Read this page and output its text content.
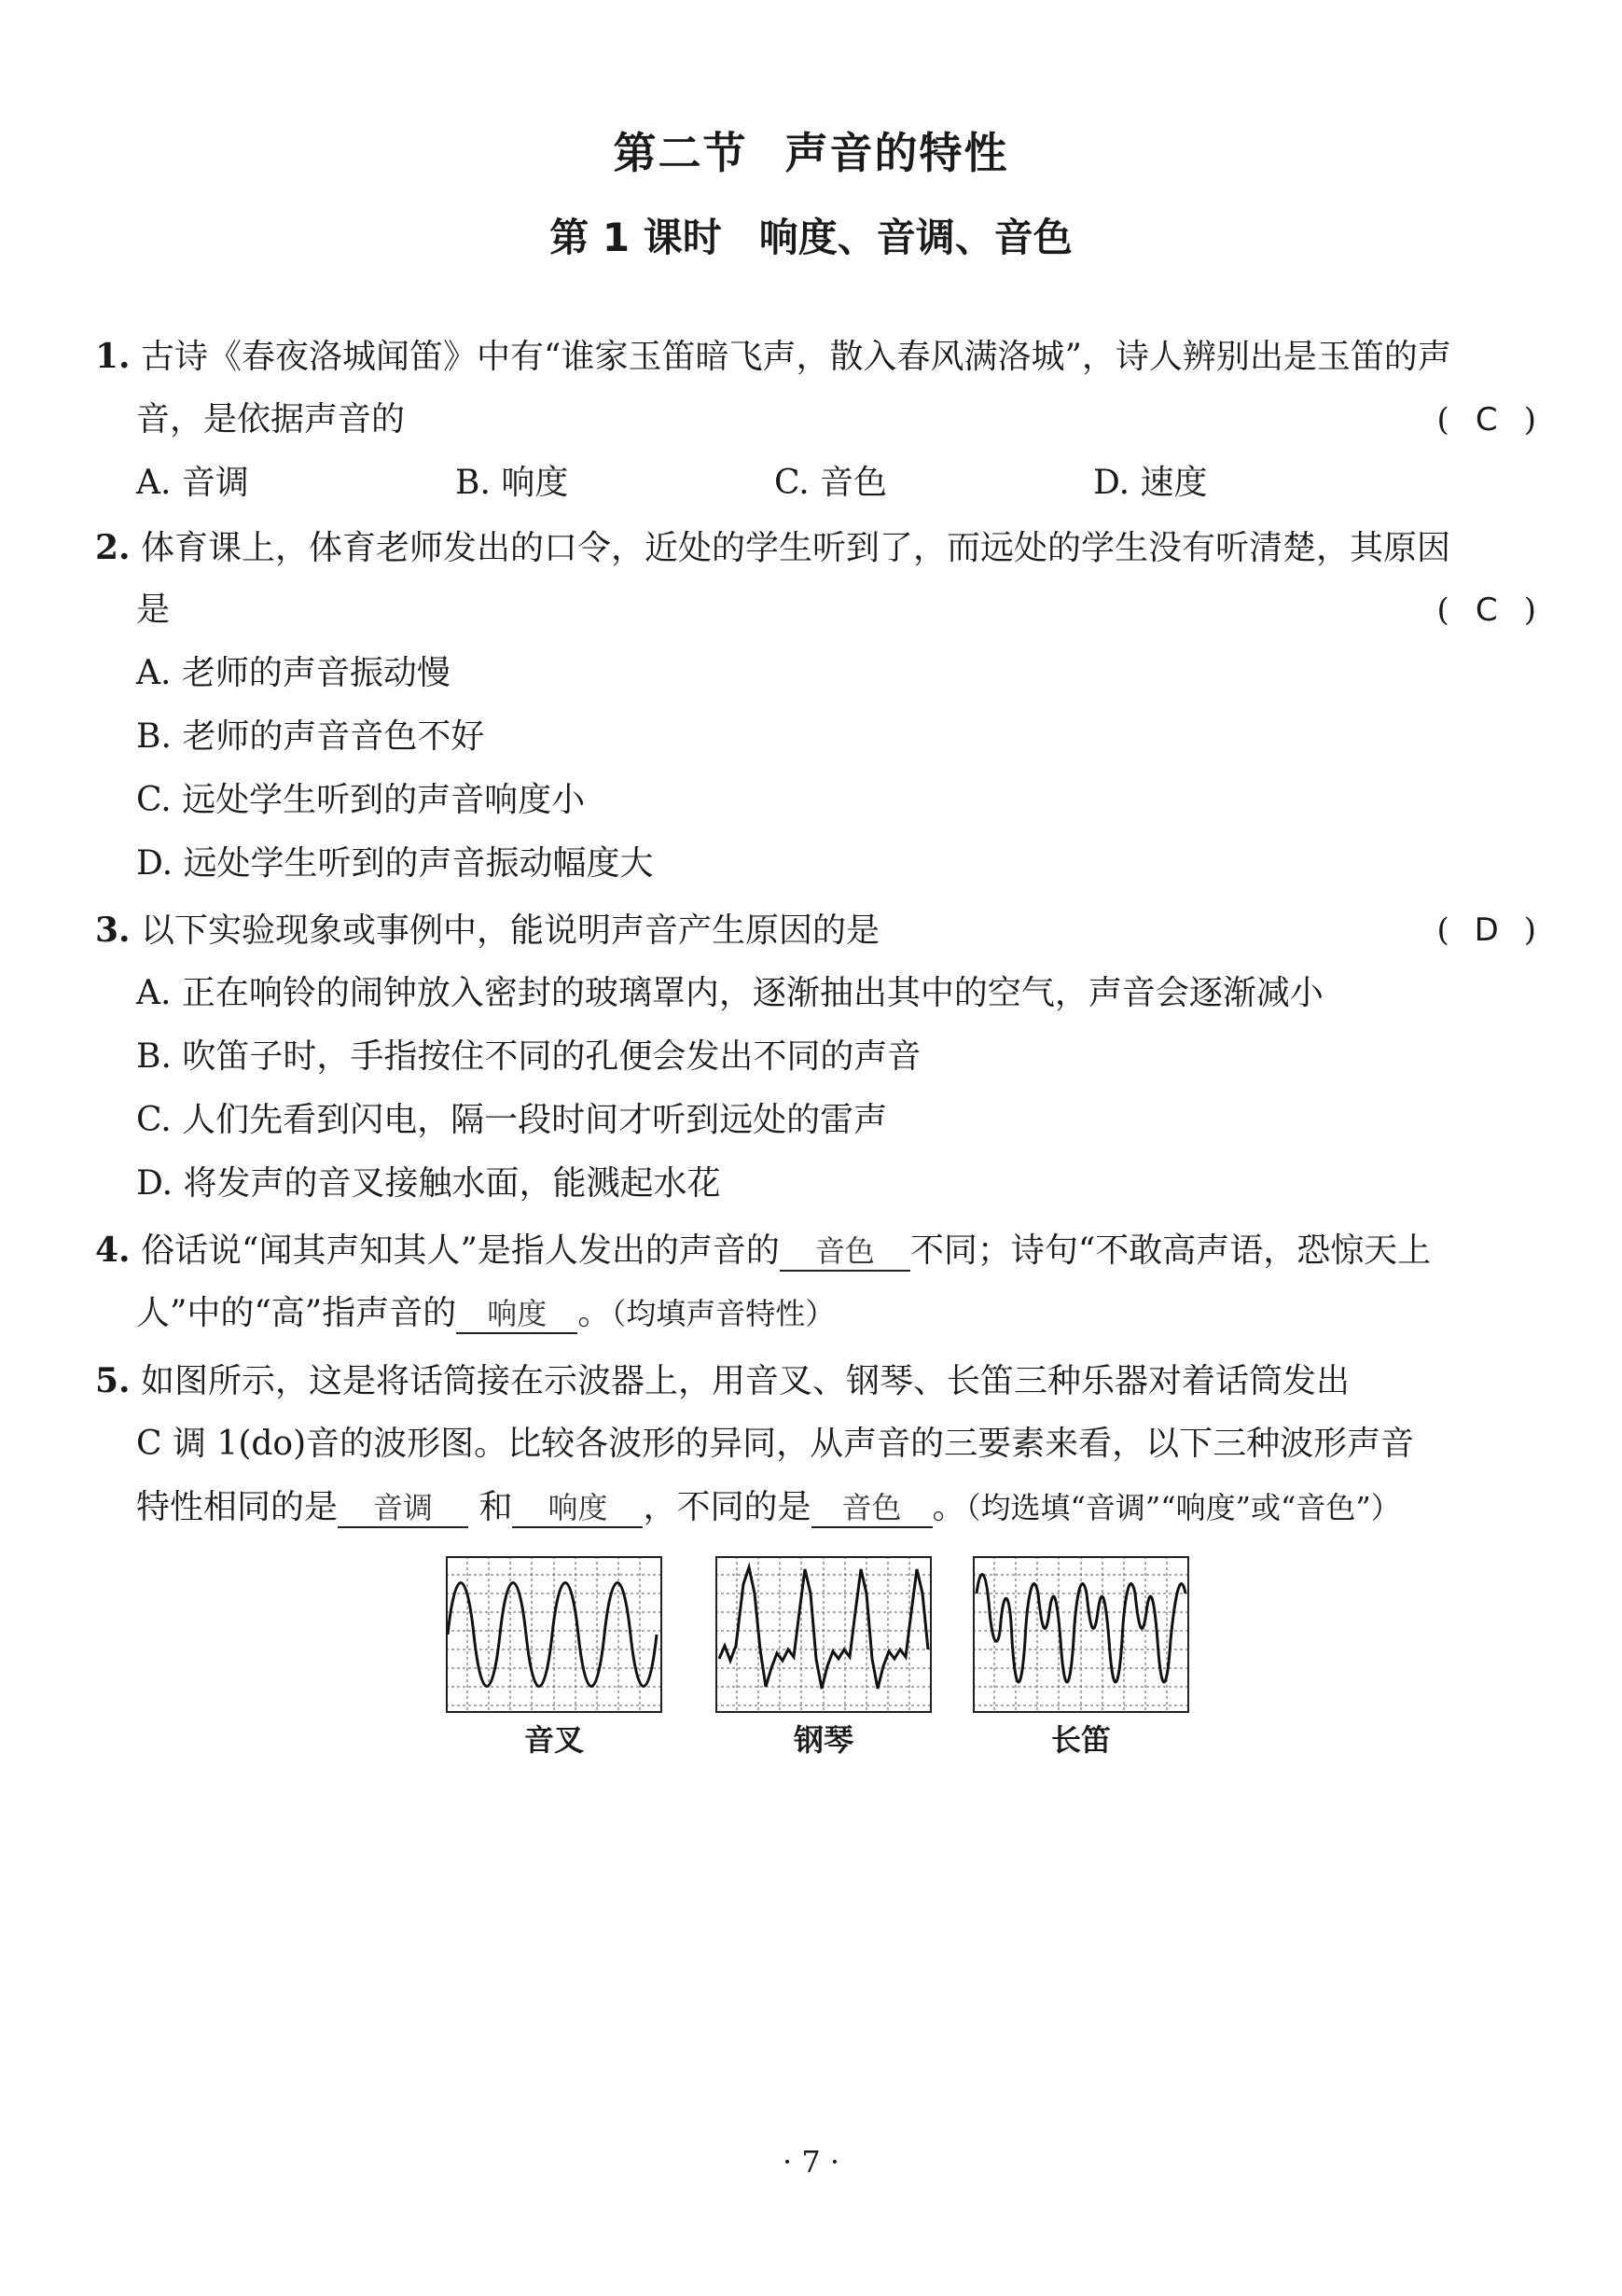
第二节 声音的特性
第 1 课时 响度、音调、音色
1. 古诗《春夜洛城闻笛》中有“谁家玉笛暗飞声，散入春风满洛城”，诗人辨别出是玉笛的声
音，是依据声音的	( C )
A. 音调	B. 响度	C. 音色	D. 速度
2. 体育课上，体育老师发出的口令，近处的学生听到了，而远处的学生没有听清楚，其原因
是	( C )
A. 老师的声音振动慢
B. 老师的声音音色不好
C. 远处学生听到的声音响度小
D. 远处学生听到的声音振动幅度大
3. 以下实验现象或事例中，能说明声音产生原因的是	( D )
A. 正在响铃的闹钟放入密封的玻璃罩内，逐渐抽出其中的空气，声音会逐渐减小
B. 吹笛子时，手指按住不同的孔便会发出不同的声音
C. 人们先看到闪电，隔一段时间才听到远处的雷声
D. 将发声的音叉接触水面，能溅起水花
4. 俗话说“闻其声知其人”是指人发出的声音的 音色 不同；诗句“不敢高声语，恐惊天上
人”中的“高”指声音的 响度 。（均填声音特性）
5. 如图所示，这是将话筒接在示波器上，用音叉、钢琴、长笛三种乐器对着话筒发出
C 调 1(do)音的波形图。比较各波形的异同，从声音的三要素来看，以下三种波形声音
特性相同的是 音调 和 响度 ，不同的是 音色 。（均选填“音调”“响度”或“音色”）
音叉	钢琴	长笛
· 7 ·
